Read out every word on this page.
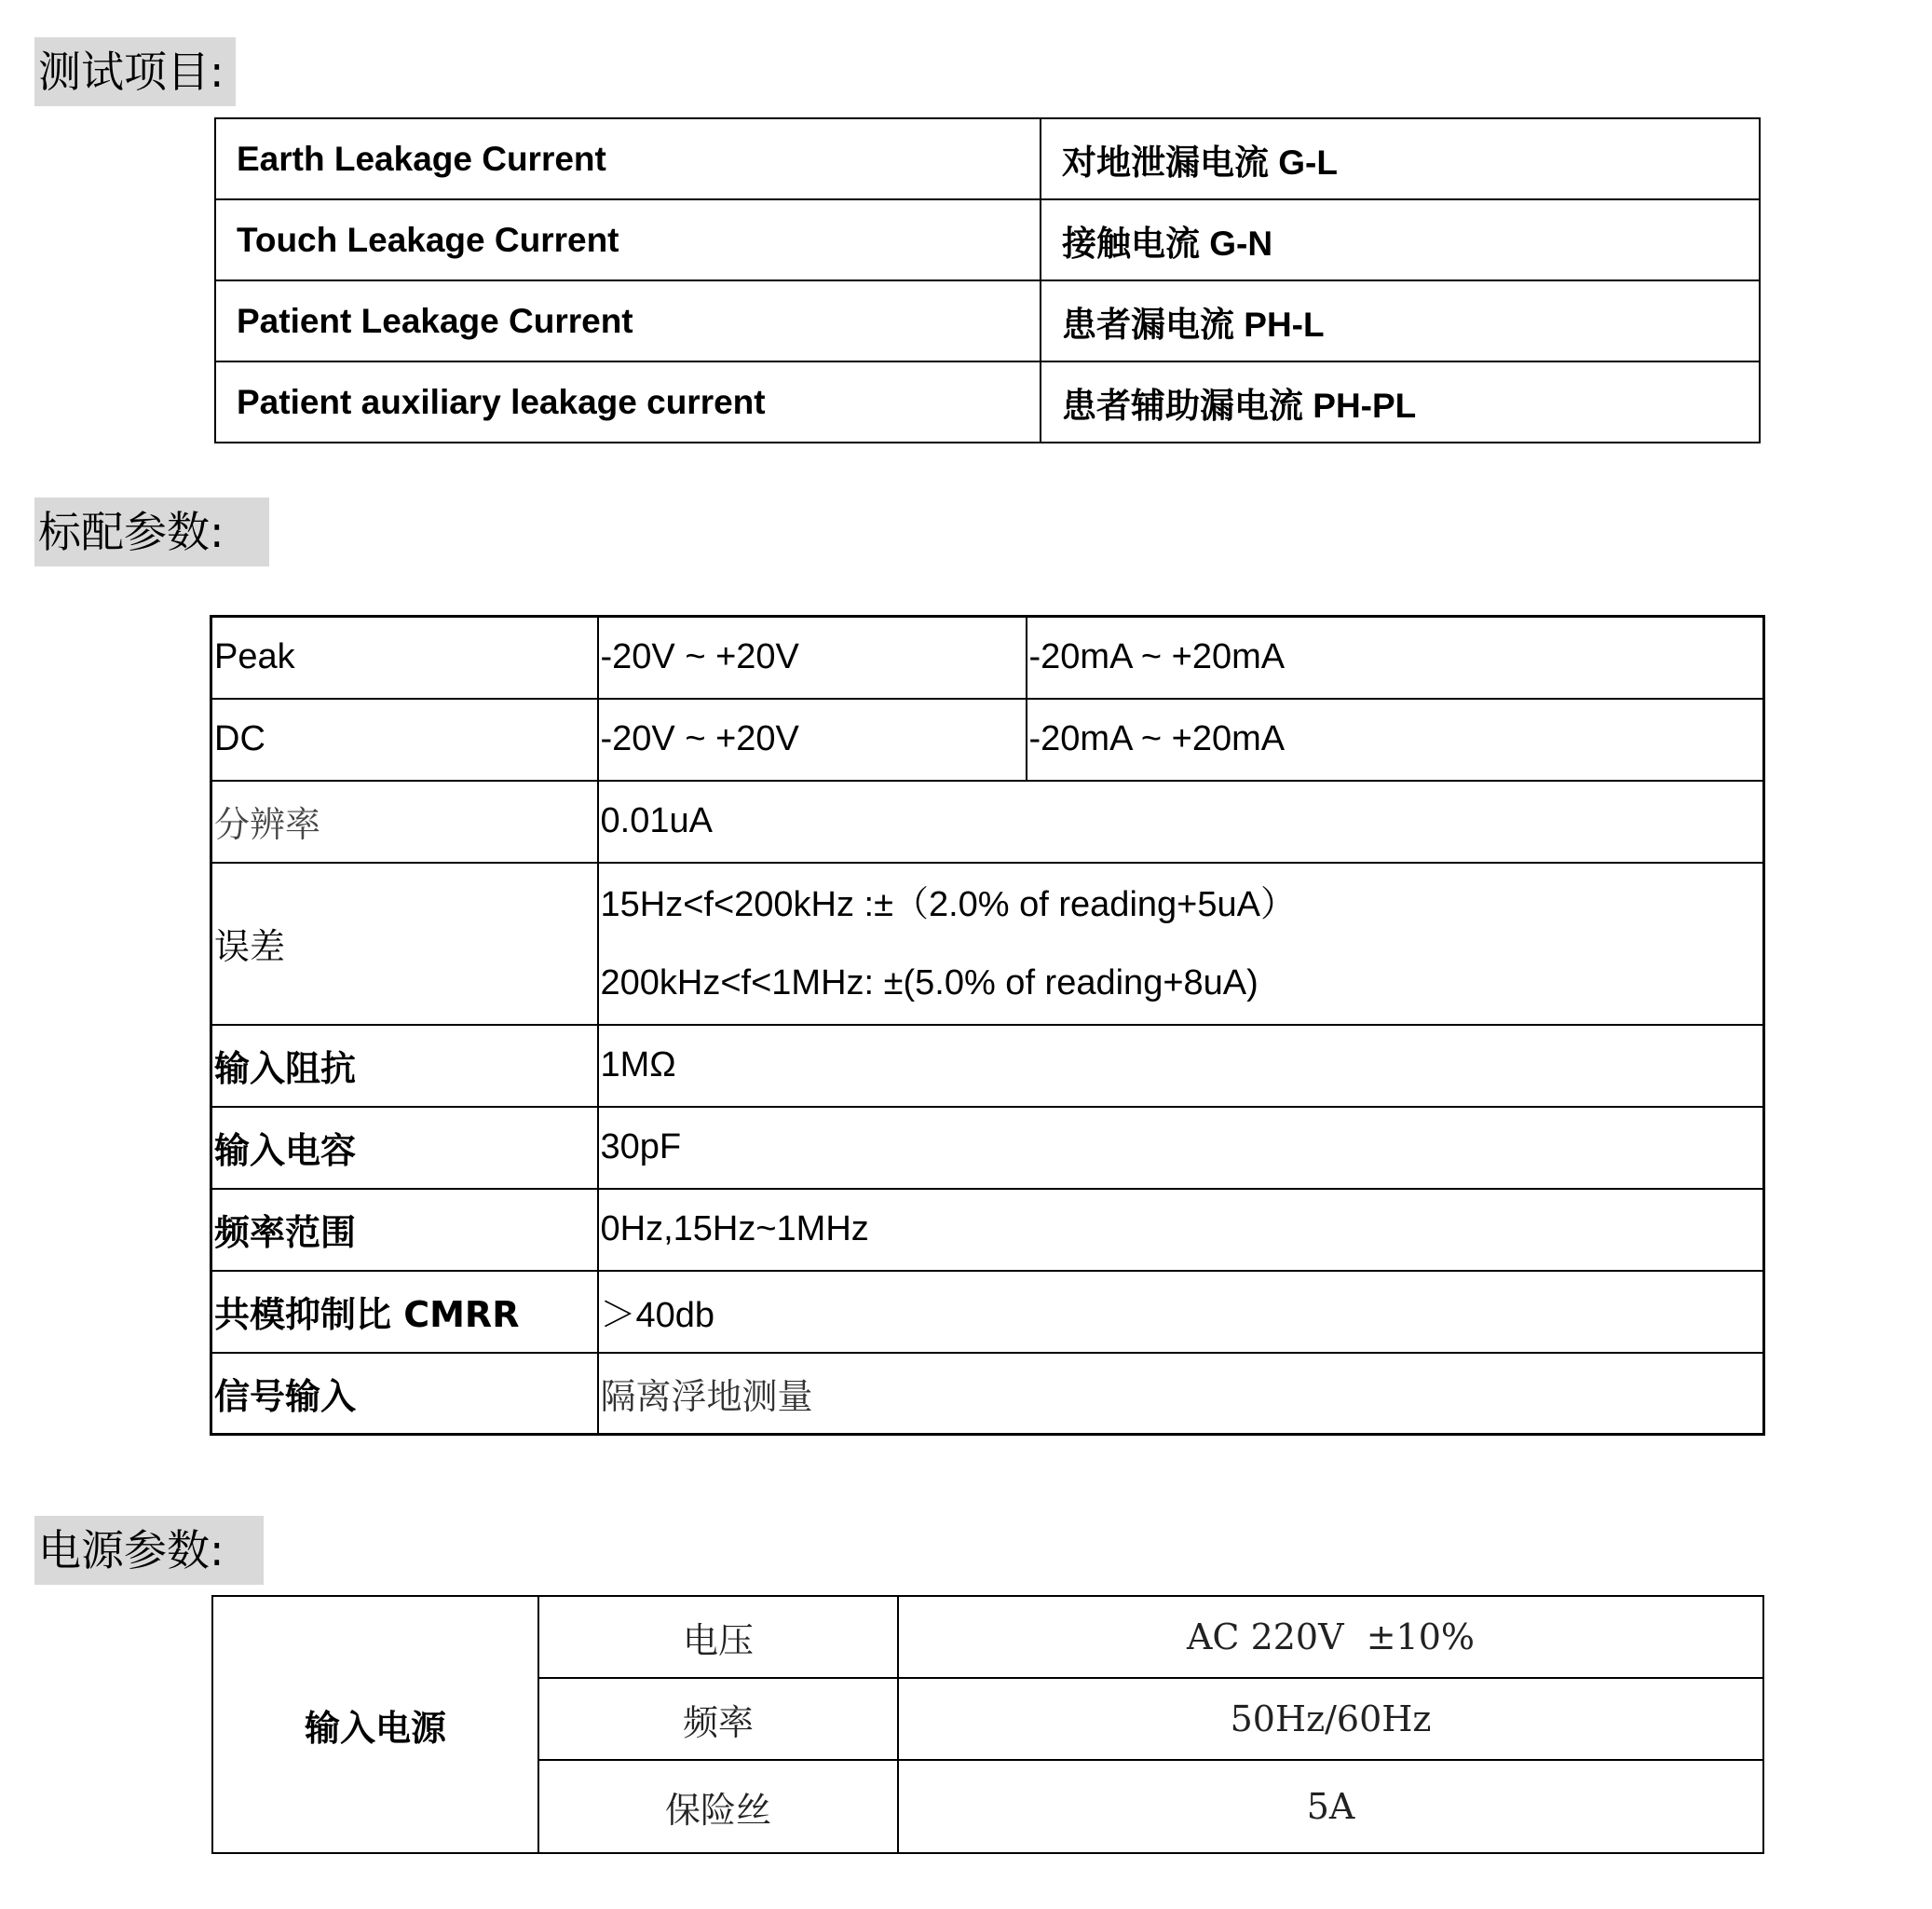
测试项目:
Earth Leakage Current	对地泄漏电流 G-L
Touch Leakage Current	接触电流 G-N
Patient Leakage Current	患者漏电流 PH-L
Patient auxiliary leakage current	患者辅助漏电流 PH-PL
标配参数:
Peak	-20V ~ +20V	-20mA ~ +20mA
DC	-20V ~ +20V	-20mA ~ +20mA
分辨率	0.01uA	
误差	15Hz<f<200kHz :±（2.0% of reading+5uA）
200kHz<f<1MHz: ±(5.0% of reading+8uA)	

输入阻抗	1MΩ	
输入电容	30pF	
频率范围	0Hz,15Hz~1MHz	
共模抑制比 CMRR	＞40db	
信号输入	隔离浮地测量	
电源参数:
输入电源	电压	AC 220V  ±10%
	频率	50Hz/60Hz
	保险丝	5A
